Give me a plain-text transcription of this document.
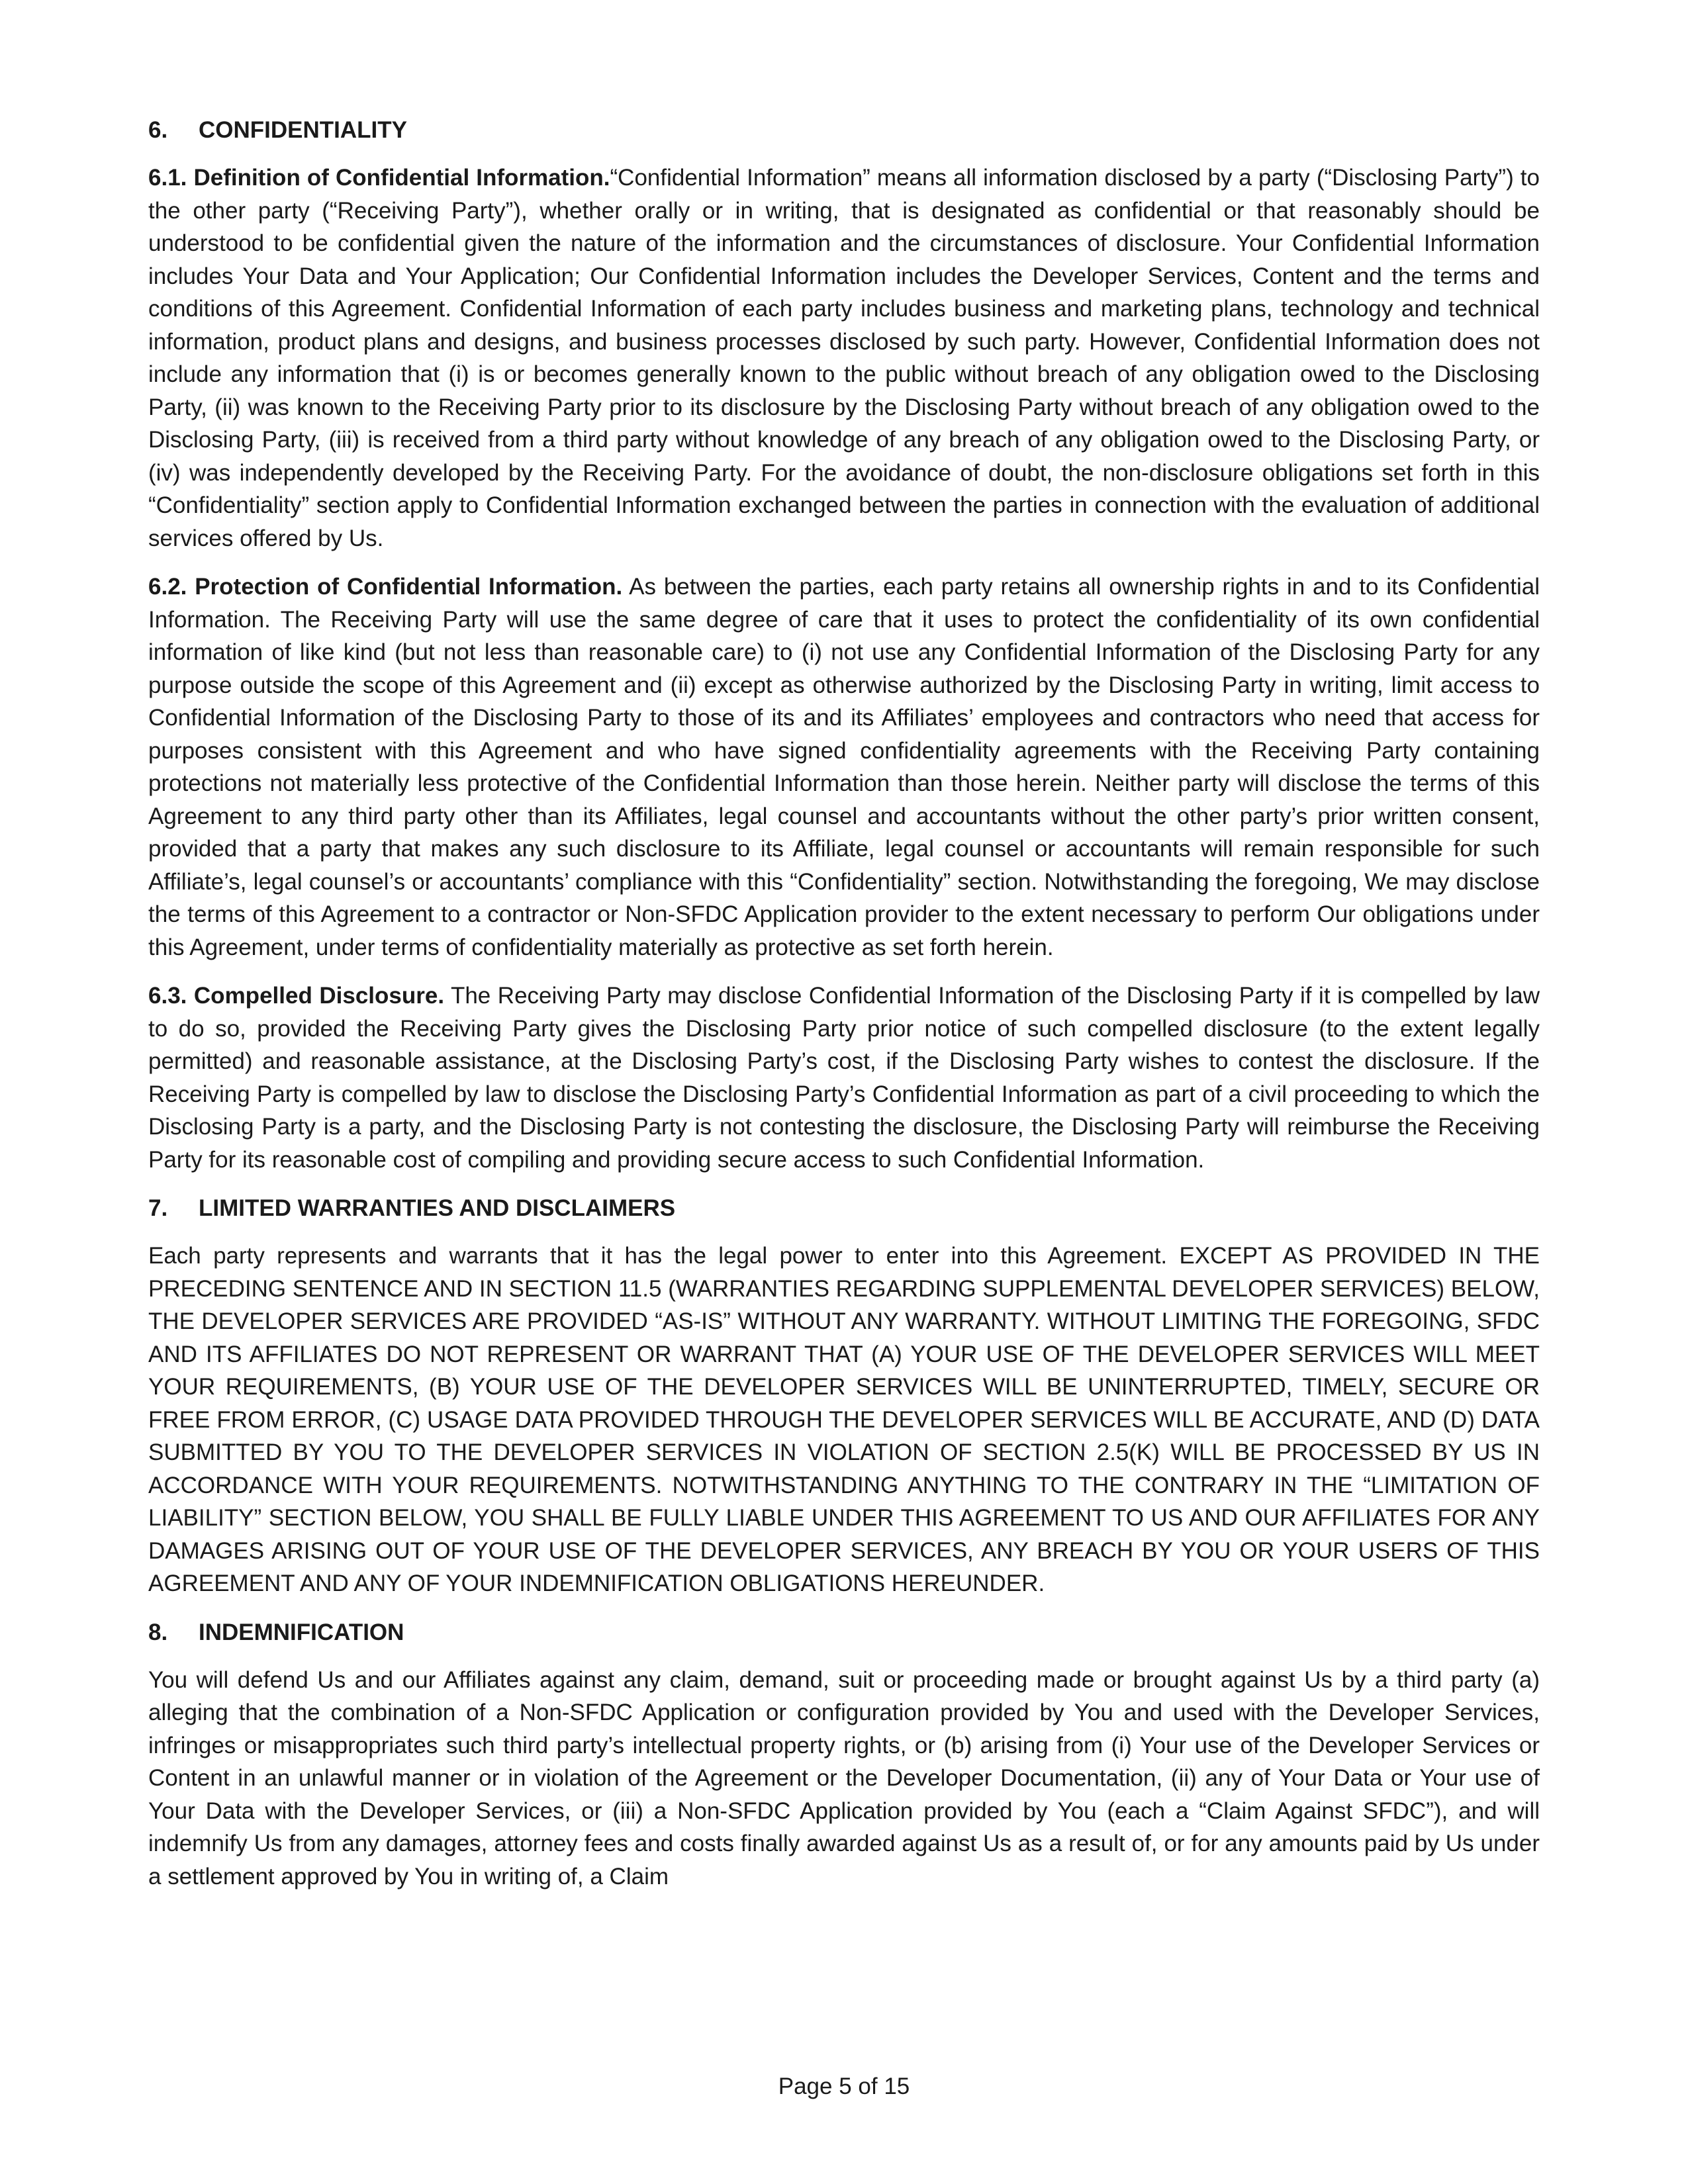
6. CONFIDENTIALITY

6.1. Definition of Confidential Information.“Confidential Information” means all information disclosed by a party (“Disclosing Party”) to the other party (“Receiving Party”), whether orally or in writing, that is designated as confidential or that reasonably should be understood to be confidential given the nature of the information and the circumstances of disclosure. Your Confidential Information includes Your Data and Your Application; Our Confidential Information includes the Developer Services, Content and the terms and conditions of this Agreement. Confidential Information of each party includes business and marketing plans, technology and technical information, product plans and designs, and business processes disclosed by such party. However, Confidential Information does not include any information that (i) is or becomes generally known to the public without breach of any obligation owed to the Disclosing Party, (ii) was known to the Receiving Party prior to its disclosure by the Disclosing Party without breach of any obligation owed to the Disclosing Party, (iii) is received from a third party without knowledge of any breach of any obligation owed to the Disclosing Party, or (iv) was independently developed by the Receiving Party. For the avoidance of doubt, the non-disclosure obligations set forth in this “Confidentiality” section apply to Confidential Information exchanged between the parties in connection with the evaluation of additional services offered by Us.

6.2. Protection of Confidential Information. As between the parties, each party retains all ownership rights in and to its Confidential Information. The Receiving Party will use the same degree of care that it uses to protect the confidentiality of its own confidential information of like kind (but not less than reasonable care) to (i) not use any Confidential Information of the Disclosing Party for any purpose outside the scope of this Agreement and (ii) except as otherwise authorized by the Disclosing Party in writing, limit access to Confidential Information of the Disclosing Party to those of its and its Affiliates’ employees and contractors who need that access for purposes consistent with this Agreement and who have signed confidentiality agreements with the Receiving Party containing protections not materially less protective of the Confidential Information than those herein. Neither party will disclose the terms of this Agreement to any third party other than its Affiliates, legal counsel and accountants without the other party’s prior written consent, provided that a party that makes any such disclosure to its Affiliate, legal counsel or accountants will remain responsible for such Affiliate’s, legal counsel’s or accountants’ compliance with this “Confidentiality” section. Notwithstanding the foregoing, We may disclose the terms of this Agreement to a contractor or Non-SFDC Application provider to the extent necessary to perform Our obligations under this Agreement, under terms of confidentiality materially as protective as set forth herein.

6.3. Compelled Disclosure. The Receiving Party may disclose Confidential Information of the Disclosing Party if it is compelled by law to do so, provided the Receiving Party gives the Disclosing Party prior notice of such compelled disclosure (to the extent legally permitted) and reasonable assistance, at the Disclosing Party’s cost, if the Disclosing Party wishes to contest the disclosure. If the Receiving Party is compelled by law to disclose the Disclosing Party’s Confidential Information as part of a civil proceeding to which the Disclosing Party is a party, and the Disclosing Party is not contesting the disclosure, the Disclosing Party will reimburse the Receiving Party for its reasonable cost of compiling and providing secure access to such Confidential Information.

7. LIMITED WARRANTIES AND DISCLAIMERS

Each party represents and warrants that it has the legal power to enter into this Agreement. EXCEPT AS PROVIDED IN THE PRECEDING SENTENCE AND IN SECTION 11.5 (WARRANTIES REGARDING SUPPLEMENTAL DEVELOPER SERVICES) BELOW, THE DEVELOPER SERVICES ARE PROVIDED “AS-IS” WITHOUT ANY WARRANTY. WITHOUT LIMITING THE FOREGOING, SFDC AND ITS AFFILIATES DO NOT REPRESENT OR WARRANT THAT (A) YOUR USE OF THE DEVELOPER SERVICES WILL MEET YOUR REQUIREMENTS, (B) YOUR USE OF THE DEVELOPER SERVICES WILL BE UNINTERRUPTED, TIMELY, SECURE OR FREE FROM ERROR, (C) USAGE DATA PROVIDED THROUGH THE DEVELOPER SERVICES WILL BE ACCURATE, AND (D) DATA SUBMITTED BY YOU TO THE DEVELOPER SERVICES IN VIOLATION OF SECTION 2.5(K) WILL BE PROCESSED BY US IN ACCORDANCE WITH YOUR REQUIREMENTS. NOTWITHSTANDING ANYTHING TO THE CONTRARY IN THE “LIMITATION OF LIABILITY” SECTION BELOW, YOU SHALL BE FULLY LIABLE UNDER THIS AGREEMENT TO US AND OUR AFFILIATES FOR ANY DAMAGES ARISING OUT OF YOUR USE OF THE DEVELOPER SERVICES, ANY BREACH BY YOU OR YOUR USERS OF THIS AGREEMENT AND ANY OF YOUR INDEMNIFICATION OBLIGATIONS HEREUNDER.

8. INDEMNIFICATION

You will defend Us and our Affiliates against any claim, demand, suit or proceeding made or brought against Us by a third party (a) alleging that the combination of a Non-SFDC Application or configuration provided by You and used with the Developer Services, infringes or misappropriates such third party’s intellectual property rights, or (b) arising from (i) Your use of the Developer Services or Content in an unlawful manner or in violation of the Agreement or the Developer Documentation, (ii) any of Your Data or Your use of Your Data with the Developer Services, or (iii) a Non-SFDC Application provided by You (each a “Claim Against SFDC”), and will indemnify Us from any damages, attorney fees and costs finally awarded against Us as a result of, or for any amounts paid by Us under a settlement approved by You in writing of, a Claim

Page 5 of 15
